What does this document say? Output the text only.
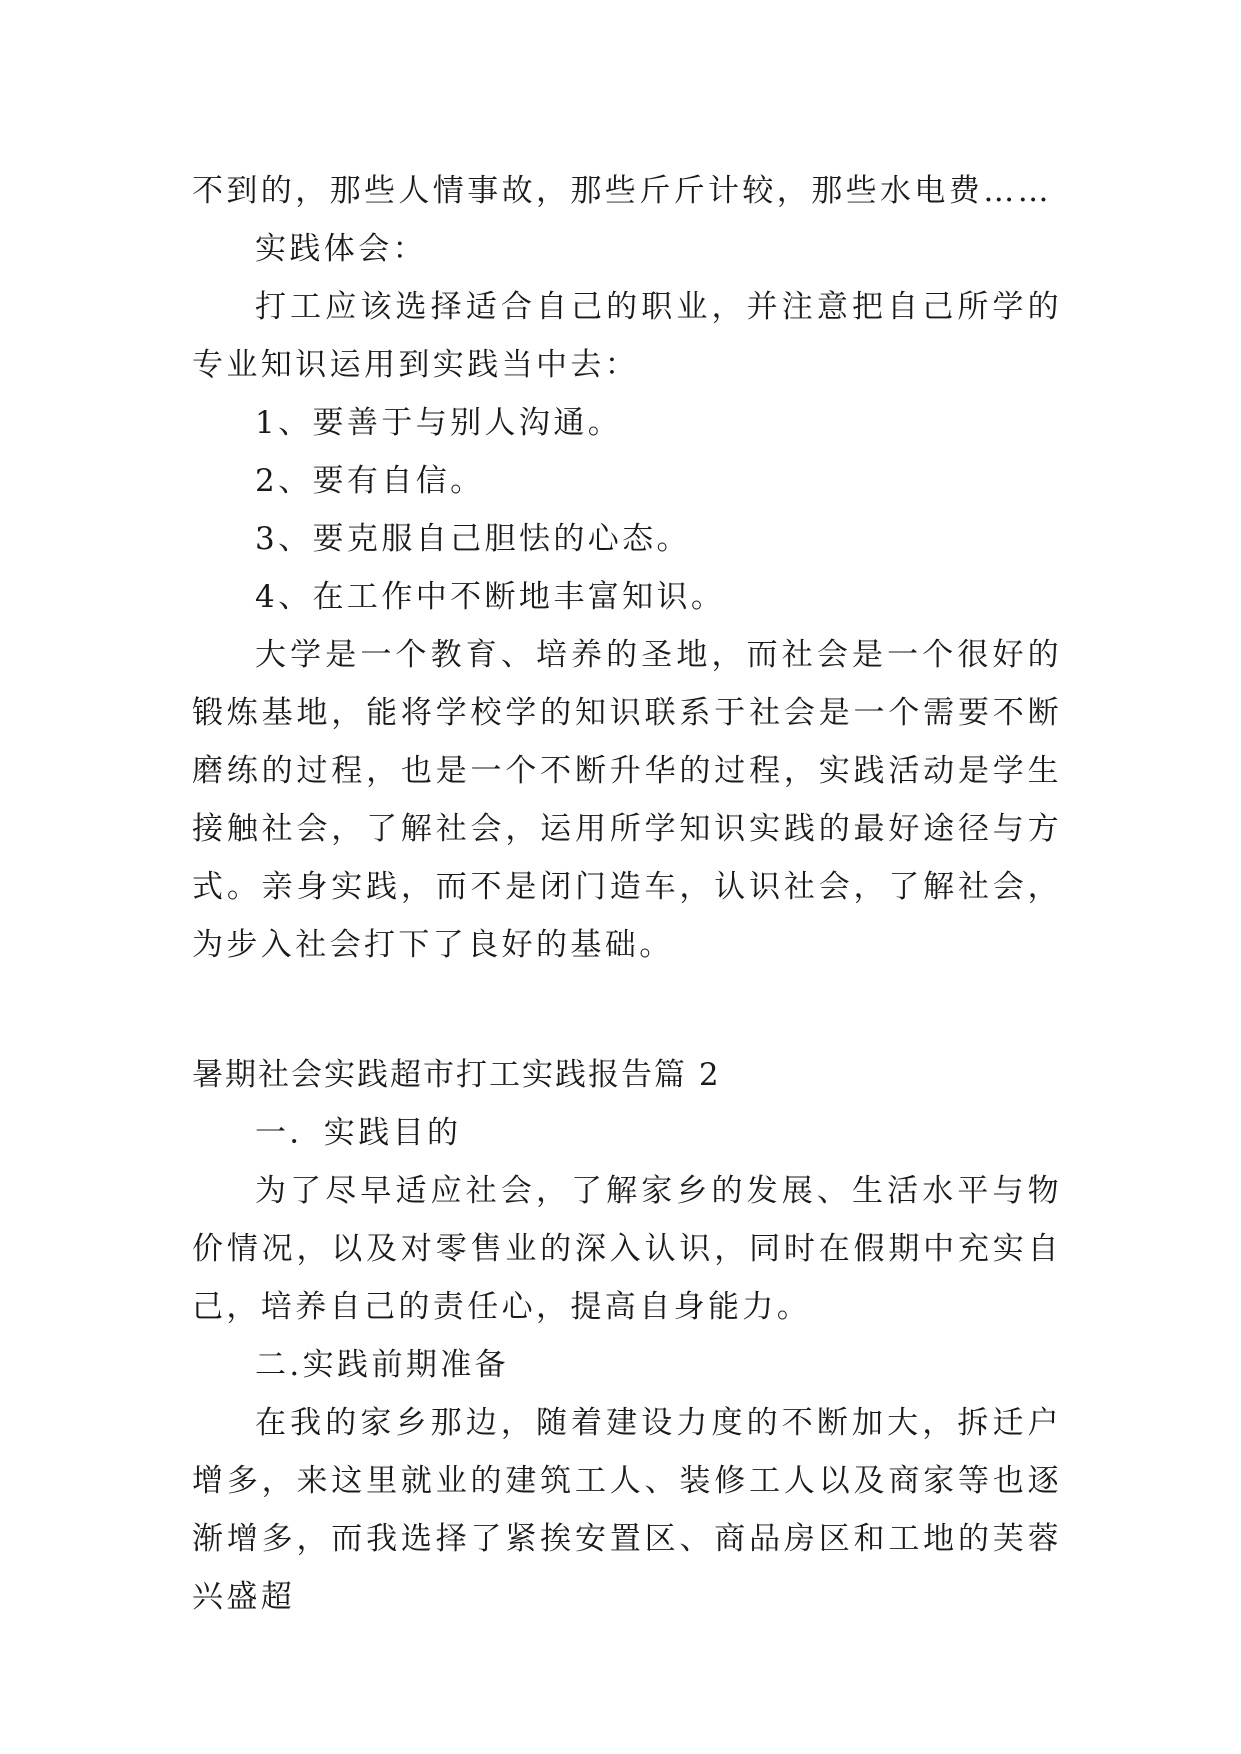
不到的，那些人情事故，那些斤斤计较，那些水电费……

实践体会：

打工应该选择适合自己的职业，并注意把自己所学的专业知识运用到实践当中去：

1、要善于与别人沟通。

2、要有自信。

3、要克服自己胆怯的心态。

4、在工作中不断地丰富知识。

大学是一个教育、培养的圣地，而社会是一个很好的锻炼基地，能将学校学的知识联系于社会是一个需要不断磨练的过程，也是一个不断升华的过程，实践活动是学生接触社会，了解社会，运用所学知识实践的最好途径与方式。亲身实践，而不是闭门造车，认识社会，了解社会，为步入社会打下了良好的基础。

暑期社会实践超市打工实践报告篇 2

一．实践目的

为了尽早适应社会，了解家乡的发展、生活水平与物价情况，以及对零售业的深入认识，同时在假期中充实自己，培养自己的责任心，提高自身能力。

二.实践前期准备

在我的家乡那边，随着建设力度的不断加大，拆迁户增多，来这里就业的建筑工人、装修工人以及商家等也逐渐增多，而我选择了紧挨安置区、商品房区和工地的芙蓉兴盛超
